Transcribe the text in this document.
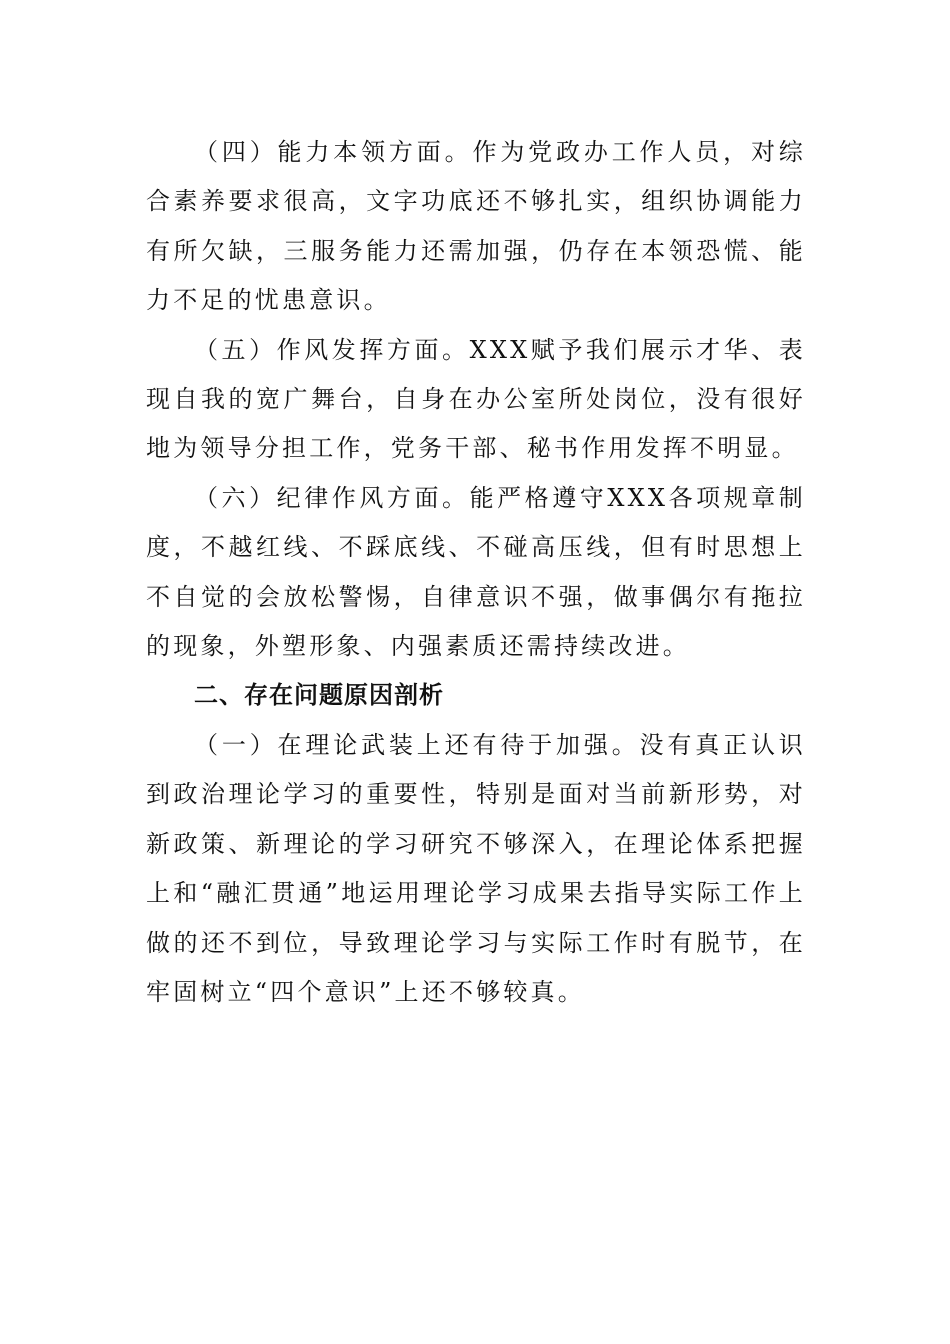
（四）能力本领方面。作为党政办工作人员，对综合素养要求很高，文字功底还不够扎实，组织协调能力有所欠缺，三服务能力还需加强，仍存在本领恐慌、能力不足的忧患意识。

（五）作风发挥方面。XXX赋予我们展示才华、表现自我的宽广舞台，自身在办公室所处岗位，没有很好地为领导分担工作，党务干部、秘书作用发挥不明显。

（六）纪律作风方面。能严格遵守XXX各项规章制度，不越红线、不踩底线、不碰高压线，但有时思想上不自觉的会放松警惕，自律意识不强，做事偶尔有拖拉的现象，外塑形象、内强素质还需持续改进。

二、存在问题原因剖析

（一）在理论武装上还有待于加强。没有真正认识到政治理论学习的重要性，特别是面对当前新形势，对新政策、新理论的学习研究不够深入，在理论体系把握上和“融汇贯通”地运用理论学习成果去指导实际工作上做的还不到位，导致理论学习与实际工作时有脱节，在牢固树立“四个意识”上还不够较真。
